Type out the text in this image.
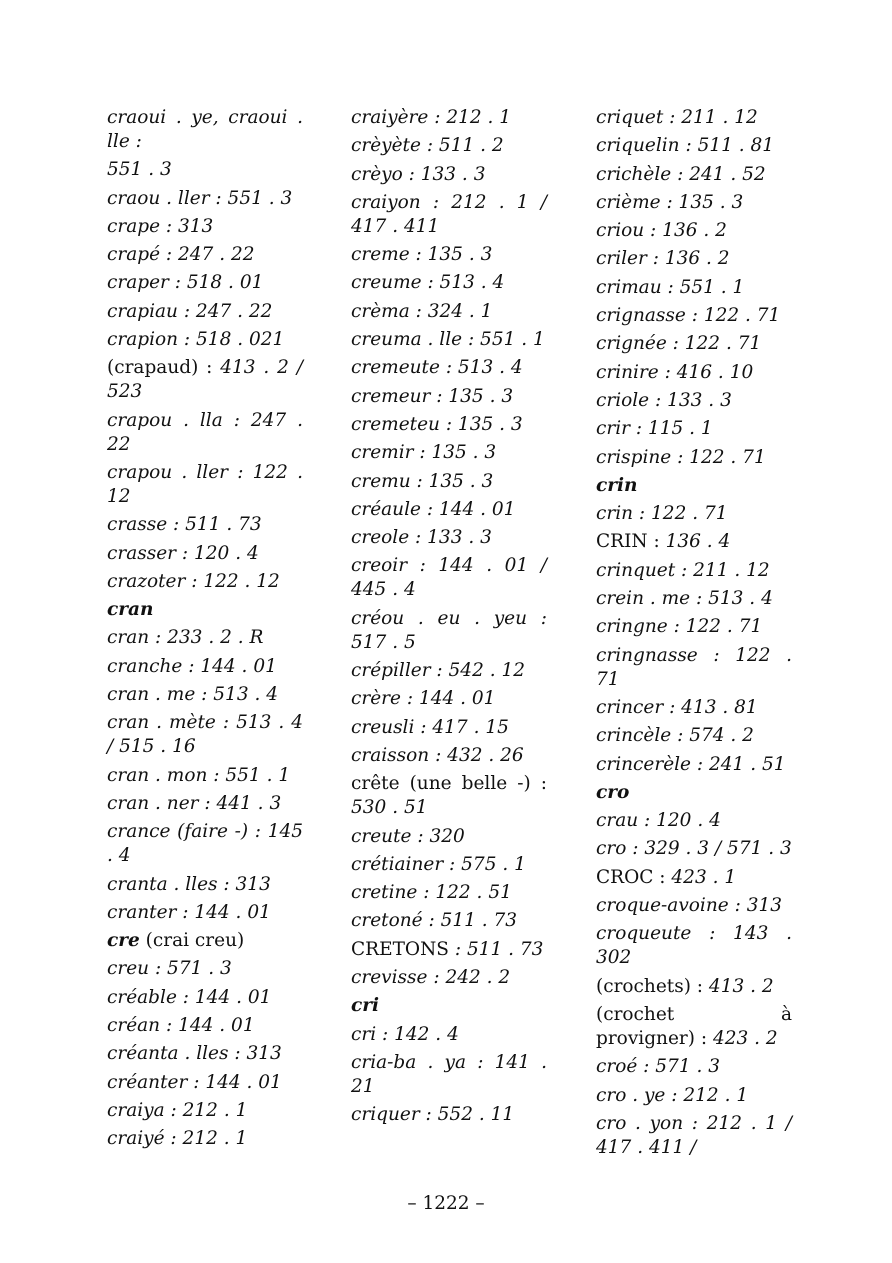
craoui . ye, craoui . lle :
551 . 3
craou . ller : 551 . 3
crape : 313
crapé : 247 . 22
craper : 518 . 01
crapiau : 247 . 22
crapion : 518 . 021
(crapaud) : 413 . 2 / 523
crapou . lla : 247 . 22
crapou . ller : 122 . 12
crasse : 511 . 73
crasser : 120 . 4
crazoter : 122 . 12
cran
cran : 233 . 2 . R
cranche : 144 . 01
cran . me : 513 . 4
cran . mète : 513 . 4 / 515 . 16
cran . mon : 551 . 1
cran . ner : 441 . 3
crance (faire -) : 145 . 4
cranta . lles : 313
cranter : 144 . 01
cre (crai creu)
creu : 571 . 3
créable : 144 . 01
créan : 144 . 01
créanta . lles : 313
créanter : 144 . 01
craiya : 212 . 1
craiyé : 212 . 1
craiyère : 212 . 1
crèyète : 511 . 2
crèyo : 133 . 3
craiyon : 212 . 1 / 417 . 411
creme : 135 . 3
creume : 513 . 4
crèma : 324 . 1
creuma . lle : 551 . 1
cremeute : 513 . 4
cremeur : 135 . 3
cremeteu : 135 . 3
cremir : 135 . 3
cremu : 135 . 3
créaule : 144 . 01
creole : 133 . 3
creoir : 144 . 01 / 445 . 4
créou . eu . yeu : 517 . 5
crépiller : 542 . 12
crère : 144 . 01
creusli : 417 . 15
craisson : 432 . 26
crête (une belle -) : 530 . 51
creute : 320
crétiainer : 575 . 1
cretine : 122 . 51
cretoné : 511 . 73
CRETONS : 511 . 73
crevisse : 242 . 2
cri
cri : 142 . 4
cria-ba . ya : 141 . 21
criquer : 552 . 11
criquet : 211 . 12
criquelin : 511 . 81
crichèle : 241 . 52
crième : 135 . 3
criou : 136 . 2
criler : 136 . 2
crimau : 551 . 1
crignasse : 122 . 71
crignée : 122 . 71
crinire : 416 . 10
criole : 133 . 3
crir : 115 . 1
crispine : 122 . 71
crin
crin : 122 . 71
CRIN : 136 . 4
crinquet : 211 . 12
crein . me : 513 . 4
cringne : 122 . 71
cringnasse : 122 . 71
crincer : 413 . 81
crincèle : 574 . 2
crincerèle : 241 . 51
cro
crau : 120 . 4
cro : 329 . 3 / 571 . 3
CROC : 423 . 1
croque-avoine : 313
croqueute : 143 . 302
(crochets) : 413 . 2
(crochet à provigner) : 423 . 2
croé : 571 . 3
cro . ye : 212 . 1
cro . yon : 212 . 1 / 417 . 411 /
– 1222 –
